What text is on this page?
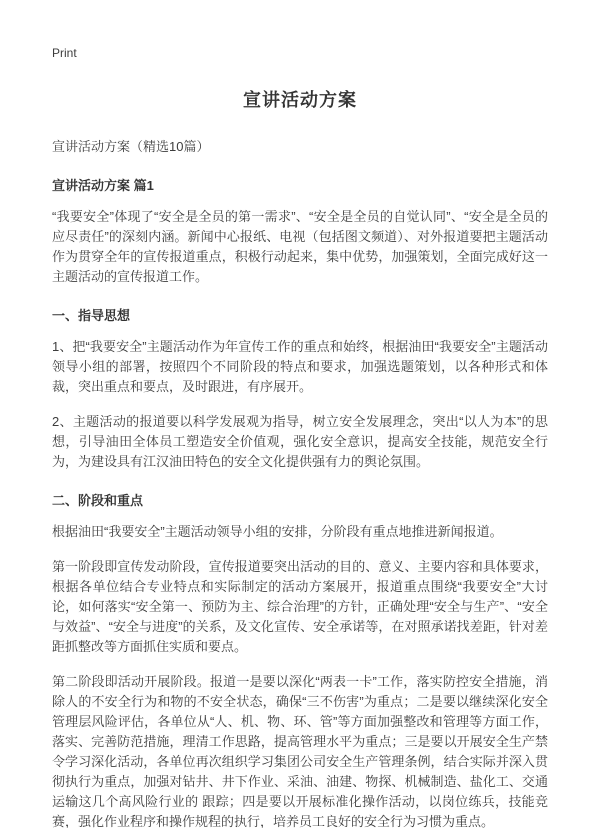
Print
宣讲活动方案
宣讲活动方案（精选10篇）
宣讲活动方案 篇1

“我要安全”体现了“安全是全员的第一需求”、“安全是全员的自觉认同”、“安全是全员的应尽责任”的深刻内涵。新闻中心报纸、电视（包括图文频道）、对外报道要把主题活动作为贯穿全年的宣传报道重点，积极行动起来，集中优势，加强策划，全面完成好这一主题活动的宣传报道工作。

一、指导思想

1、把“我要安全”主题活动作为年宣传工作的重点和始终，根据油田“我要安全”主题活动领导小组的部署，按照四个不同阶段的特点和要求，加强选题策划，以各种形式和体裁，突出重点和要点，及时跟进，有序展开。

2、主题活动的报道要以科学发展观为指导，树立安全发展理念，突出“以人为本”的思想，引导油田全体员工塑造安全价值观，强化安全意识，提高安全技能，规范安全行为，为建设具有江汉油田特色的安全文化提供强有力的舆论氛围。

二、阶段和重点

根据油田“我要安全”主题活动领导小组的安排，分阶段有重点地推进新闻报道。

第一阶段即宣传发动阶段，宣传报道要突出活动的目的、意义、主要内容和具体要求，根据各单位结合专业特点和实际制定的活动方案展开，报道重点围绕“我要安全”大讨论，如何落实“安全第一、预防为主、综合治理”的方针，正确处理“安全与生产”、“安全与效益”、“安全与进度”的关系，及文化宣传、安全承诺等，在对照承诺找差距，针对差距抓整改等方面抓住实质和要点。

第二阶段即活动开展阶段。报道一是要以深化“两表一卡”工作，落实防控安全措施，消除人的不安全行为和物的不安全状态，确保“三不伤害”为重点；二是要以继续深化安全管理层风险评估，各单位从“人、机、物、环、管”等方面加强整改和管理等方面工作，落实、完善防范措施，理清工作思路，提高管理水平为重点；三是要以开展安全生产禁令学习深化活动，各单位再次组织学习集团公司安全生产管理条例，结合实际并深入贯彻执行为重点，加强对钻井、井下作业、采油、油建、物探、机械制造、盐化工、交通运输这几个高风险行业的 跟踪；四是要以开展标准化操作活动，以岗位练兵，技能竞赛，强化作业程序和操作规程的执行，培养员工良好的安全行为习惯为重点。
